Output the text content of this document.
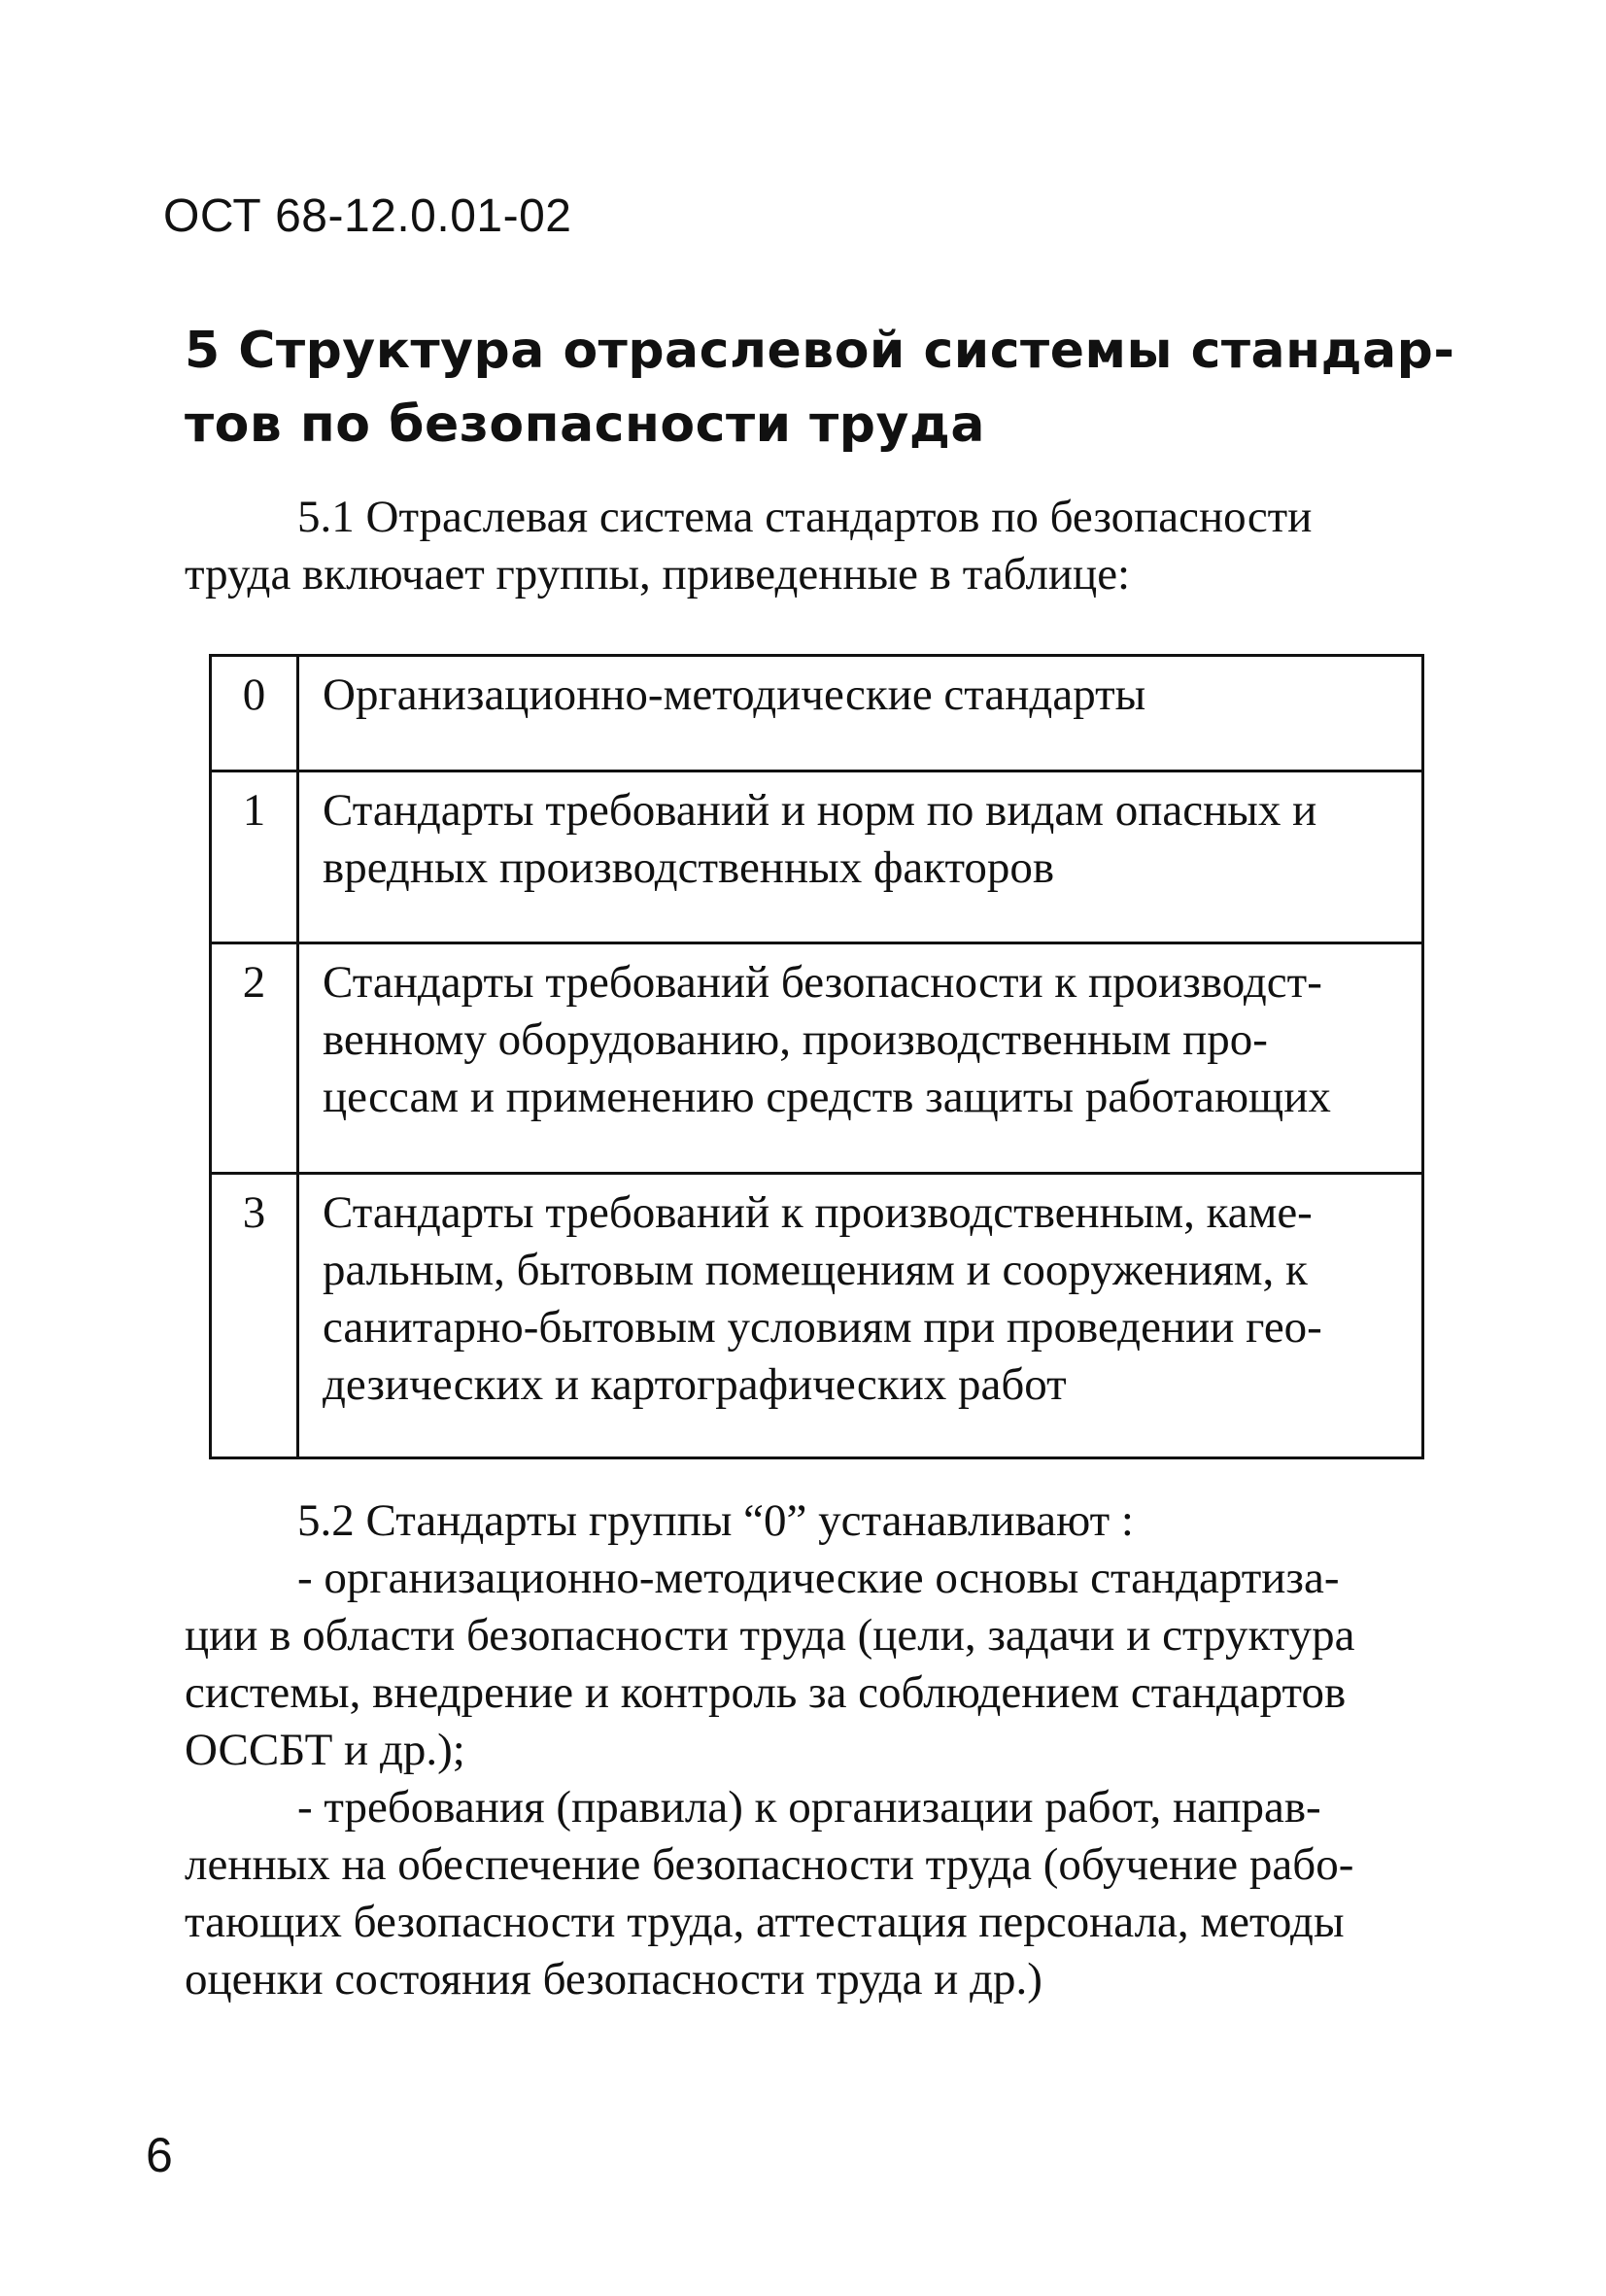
ОСТ 68-12.0.01-02
5 Структура отраслевой системы стандар-
тов по безопасности труда
5.1 Отраслевая система стандартов по безопасности
труда включает группы, приведенные в таблице:
0	Организационно-методические стандарты

1	Стандарты требований и норм по видам опасных и
вредных производственных факторов

2	Стандарты требований безопасности к производст-
венному оборудованию, производственным про-
цессам и применению средств защиты работающих

3	Стандарты требований к производственным, каме-
ральным, бытовым помещениям и сооружениям, к
санитарно-бытовым условиям при проведении гео-
дезических и картографических работ
5.2 Стандарты группы “0” устанавливают :
- организационно-методические основы стандартиза-
ции в области безопасности труда (цели, задачи и структура
системы, внедрение и контроль за соблюдением стандартов
ОССБТ и др.);
- требования (правила) к организации работ, направ-
ленных на обеспечение безопасности труда (обучение рабо-
тающих безопасности труда, аттестация персонала, методы
оценки состояния безопасности труда и др.)
6
